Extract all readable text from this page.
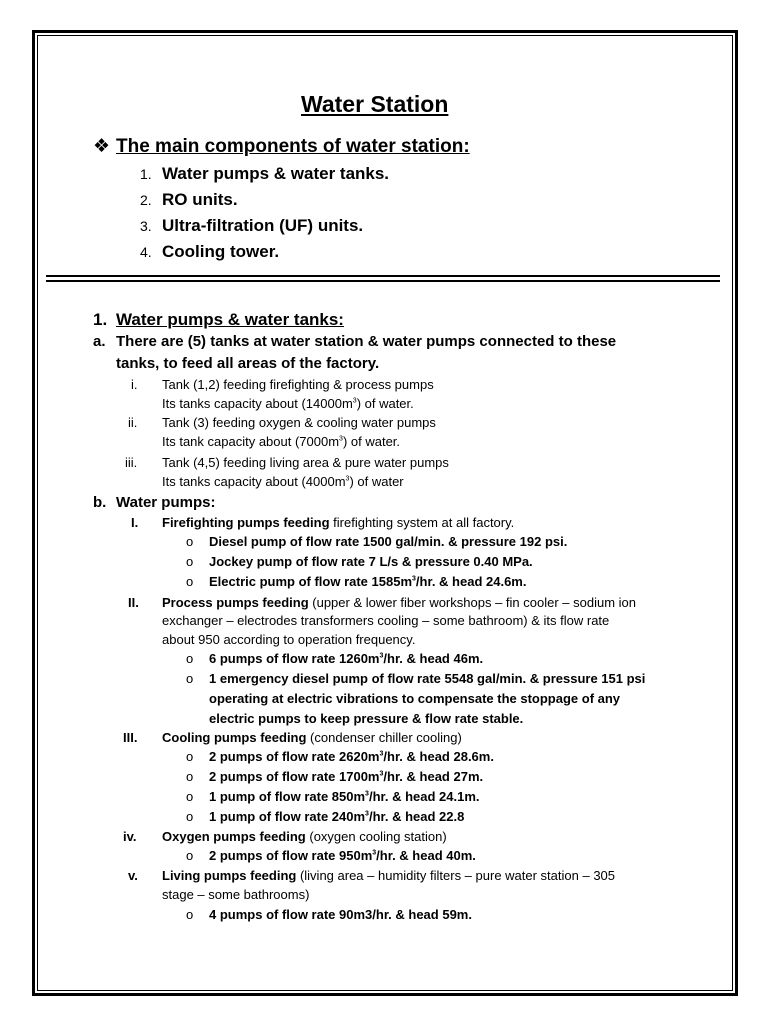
Water Station
❖ The main components of water station:
1. Water pumps & water tanks.
2. RO units.
3. Ultra-filtration (UF) units.
4. Cooling tower.
1. Water pumps & water tanks:
a. There are (5) tanks at water station & water pumps connected to these
tanks, to feed all areas of the factory.
i. Tank (1,2) feeding firefighting & process pumps
Its tanks capacity about $(14000m^3)$ of water.
ii. Tank (3) feeding oxygen & cooling water pumps
Its tank capacity about $(7000m^3)$ of water.
iii. Tank (4,5) feeding living area & pure water pumps
Its tanks capacity about $(4000m^3)$ of water
b. Water pumps:
I. Firefighting pumps feeding firefighting system at all factory.
o Diesel pump of flow rate 1500 gal/min. & pressure 192 psi.
o Jockey pump of flow rate 7 L/s & pressure 0.40 MPa.
o Electric pump of flow rate $1585m^3/hr$. & head 24.6m.
II. Process pumps feeding (upper & lower fiber workshops – fin cooler – sodium ion
exchanger – electrodes transformers cooling – some bathroom) & its flow rate
about 950 according to operation frequency.
o 6 pumps of flow rate $1260m^3/hr$. & head 46m.
o 1 emergency diesel pump of flow rate 5548 gal/min. & pressure 151 psi
operating at electric vibrations to compensate the stoppage of any
electric pumps to keep pressure & flow rate stable.
III. Cooling pumps feeding (condenser chiller cooling)
o 2 pumps of flow rate $2620m^3/hr$. & head 28.6m.
o 2 pumps of flow rate $1700m^3/hr$. & head 27m.
o 1 pump of flow rate $850m^3/hr$. & head 24.1m.
o 1 pump of flow rate $240m^3/hr$. & head 22.8
iv. Oxygen pumps feeding (oxygen cooling station)
o 2 pumps of flow rate $950m^3/hr$. & head 40m.
v. Living pumps feeding (living area – humidity filters – pure water station – 305
stage – some bathrooms)
o 4 pumps of flow rate 90m3/hr. & head 59m.
